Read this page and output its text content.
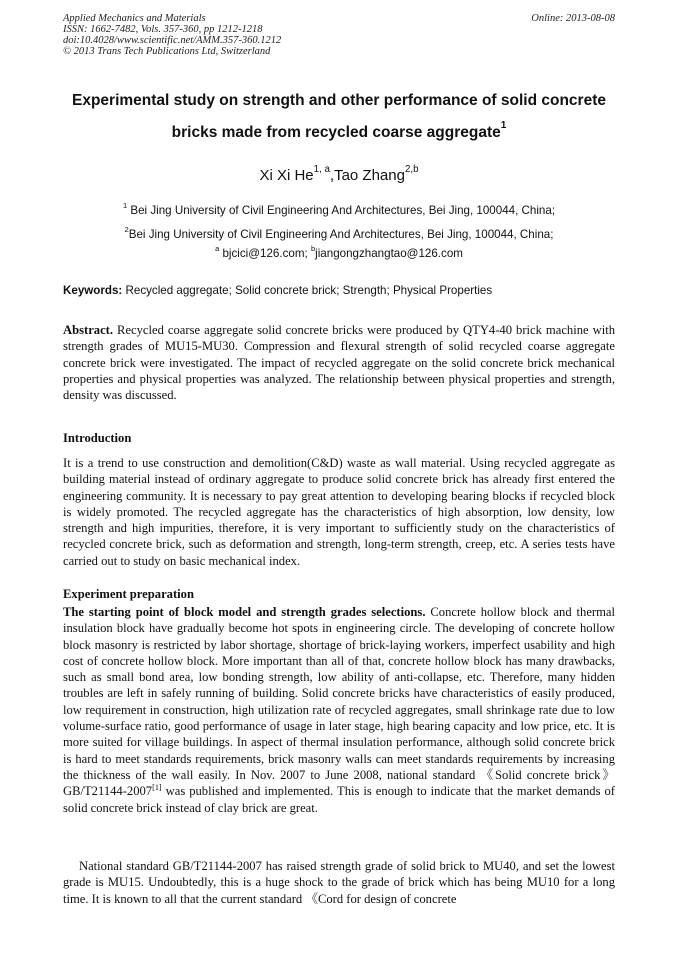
Applied Mechanics and Materials
ISSN: 1662-7482, Vols. 357-360, pp 1212-1218
doi:10.4028/www.scientific.net/AMM.357-360.1212
© 2013 Trans Tech Publications Ltd, Switzerland
Online: 2013-08-08
Experimental study on strength and other performance of solid concrete
bricks made from recycled coarse aggregate$^1$
Xi Xi He$^{1, a}$,Tao Zhang$^{2,b}$
$^1$ Bei Jing University of Civil Engineering And Architectures, Bei Jing, 100044, China;
$^2$Bei Jing University of Civil Engineering And Architectures, Bei Jing, 100044, China;
$^a$ bjcici@126.com; $^b$jiangongzhangtao@126.com
Keywords: Recycled aggregate; Solid concrete brick; Strength; Physical Properties
Abstract. Recycled coarse aggregate solid concrete bricks were produced by QTY4-40 brick machine with strength grades of MU15-MU30. Compression and flexural strength of solid recycled coarse aggregate concrete brick were investigated. The impact of recycled aggregate on the solid concrete brick mechanical properties and physical properties was analyzed. The relationship between physical properties and strength, density was discussed.
Introduction
It is a trend to use construction and demolition(C&D) waste as wall material. Using recycled aggregate as building material instead of ordinary aggregate to produce solid concrete brick has already first entered the engineering community. It is necessary to pay great attention to developing bearing blocks if recycled block is widely promoted. The recycled aggregate has the characteristics of high absorption, low density, low strength and high impurities, therefore, it is very important to sufficiently study on the characteristics of recycled concrete brick, such as deformation and strength, long-term strength, creep, etc. A series tests have carried out to study on basic mechanical index.
Experiment preparation
The starting point of block model and strength grades selections. Concrete hollow block and thermal insulation block have gradually become hot spots in engineering circle. The developing of concrete hollow block masonry is restricted by labor shortage, shortage of brick-laying workers, imperfect usability and high cost of concrete hollow block. More important than all of that, concrete hollow block has many drawbacks, such as small bond area, low bonding strength, low ability of anti-collapse, etc. Therefore, many hidden troubles are left in safely running of building. Solid concrete bricks have characteristics of easily produced, low requirement in construction, high utilization rate of recycled aggregates, small shrinkage rate due to low volume-surface ratio, good performance of usage in later stage, high bearing capacity and low price, etc. It is more suited for village buildings. In aspect of thermal insulation performance, although solid concrete brick is hard to meet standards requirements, brick masonry walls can meet standards requirements by increasing the thickness of the wall easily. In Nov. 2007 to June 2008, national standard 《Solid concrete brick》GB/T21144-2007[1] was published and implemented. This is enough to indicate that the market demands of solid concrete brick instead of clay brick are great.
National standard GB/T21144-2007 has raised strength grade of solid brick to MU40, and set the lowest grade is MU15. Undoubtedly, this is a huge shock to the grade of brick which has being MU10 for a long time. It is known to all that the current standard 《Cord for design of concrete
